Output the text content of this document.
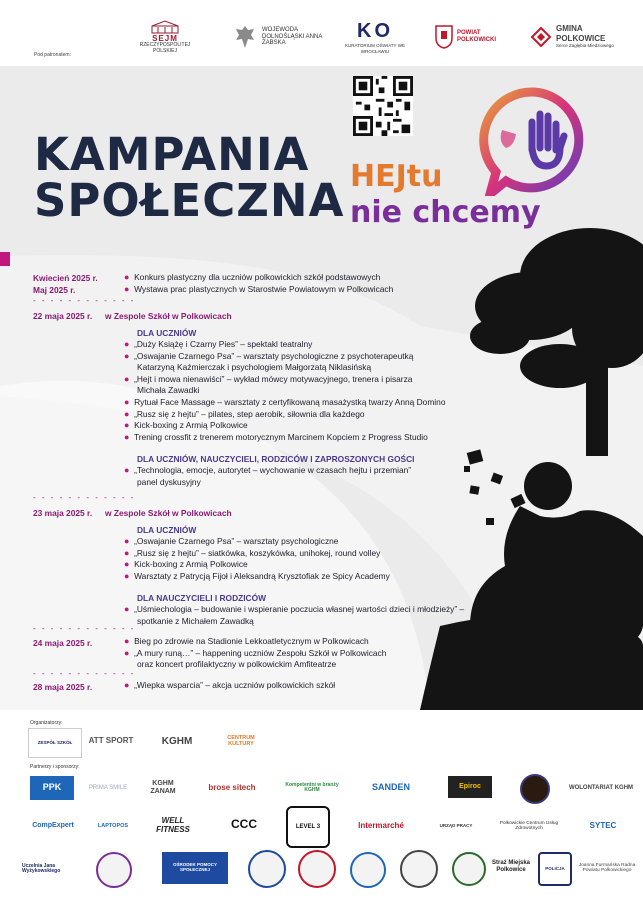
Pod patronatem:
SEJM
RZECZYPOSPOLITEJ POLSKIEJ
WOJEWODA DOLNOŚLĄSKI ANNA ŻABSKA
KO
KURATORIUM OŚWIATY WE WROCŁAWIU
POWIAT POLKOWICKI
GMINA POLKOWICE
Serce Zagłębia Miedziowego
KAMPANIA
SPOŁECZNA HEJtu
nie chcemy
Kwiecień 2025 r.
Maj 2025 r.
● Konkurs plastyczny dla uczniów polkowickich szkół podstawowych
● Wystawa prac plastycznych w Starostwie Powiatowym w Polkowicach
- - - - - - - - - - - -
22 maja 2025 r. w Zespole Szkół w Polkowicach
DLA UCZNIÓW
● „Duży Książę i Czarny Pies” – spektakl teatralny
● „Oswajanie Czarnego Psa” – warsztaty psychologiczne z psychoterapeutką
Katarzyną Kaźmierczak i psychologiem Małgorzatą Niklasińską
● „Hejt i mowa nienawiści” – wykład mówcy motywacyjnego, trenera i pisarza
Michała Zawadki
● Rytuał Face Massage – warsztaty z certyfikowaną masażystką twarzy Anną Domino
● „Rusz się z hejtu” – pilates, step aerobik, siłownia dla każdego
● Kick-boxing z Armią Polkowice
● Trening crossfit z trenerem motorycznym Marcinem Kopciem z Progress Studio
DLA UCZNIÓW, NAUCZYCIELI, RODZICÓW I ZAPROSZONYCH GOŚCI
● „Technologia, emocje, autorytet – wychowanie w czasach hejtu i przemian”
panel dyskusyjny
- - - - - - - - - - - -
23 maja 2025 r. w Zespole Szkół w Polkowicach
DLA UCZNIÓW
● „Oswajanie Czarnego Psa” – warsztaty psychologiczne
● „Rusz się z hejtu” – siatkówka, koszykówka, unihokej, round volley
● Kick-boxing z Armią Polkowice
● Warsztaty z Patrycją Fijoł i Aleksandrą Krysztofiak ze Spicy Academy
DLA NAUCZYCIELI I RODZICÓW
● „Uśmiechologia – budowanie i wspieranie poczucia własnej wartości dzieci i młodzieży” –
spotkanie z Michałem Zawadką
- - - - - - - - - - - -
24 maja 2025 r.	● Bieg po zdrowie na Stadionie Lekkoatletycznym w Polkowicach
● „A mury runą…” – happening uczniów Zespołu Szkół w Polkowicach
oraz koncert profilaktyczny w polkowickim Amfiteatrze
- - - - - - - - - - - -
28 maja 2025 r.	● „Wiepka wsparcia” – akcja uczniów polkowickich szkół
Organizatorzy:
ZESPÓŁ SZKÓŁ	ATT SPORT	KGHM	CENTRUM KULTURY
Partnerzy i sponsorzy:
PPK	PRIMA SMILE
KGHM ZANAM	brose sitech	Kompetentni w branży KGHM	SANDEN	Epiroc	WOLONTARIAT KGHM
CompExpert	LAPTOPOS
WELL FITNESS	CCC	LEVEL 3	Intermarché	URZĄD PRACY	Polkowickie Centrum Usług Zdrowotnych	SYTEC
Uczelnia Jana Wyżykowskiego
OŚRODEK POMOCY SPOŁECZNEJ
Straż Miejska Polkowice	POLICJA
Joanna Furmańska Radna Powiatu Polkowickiego
